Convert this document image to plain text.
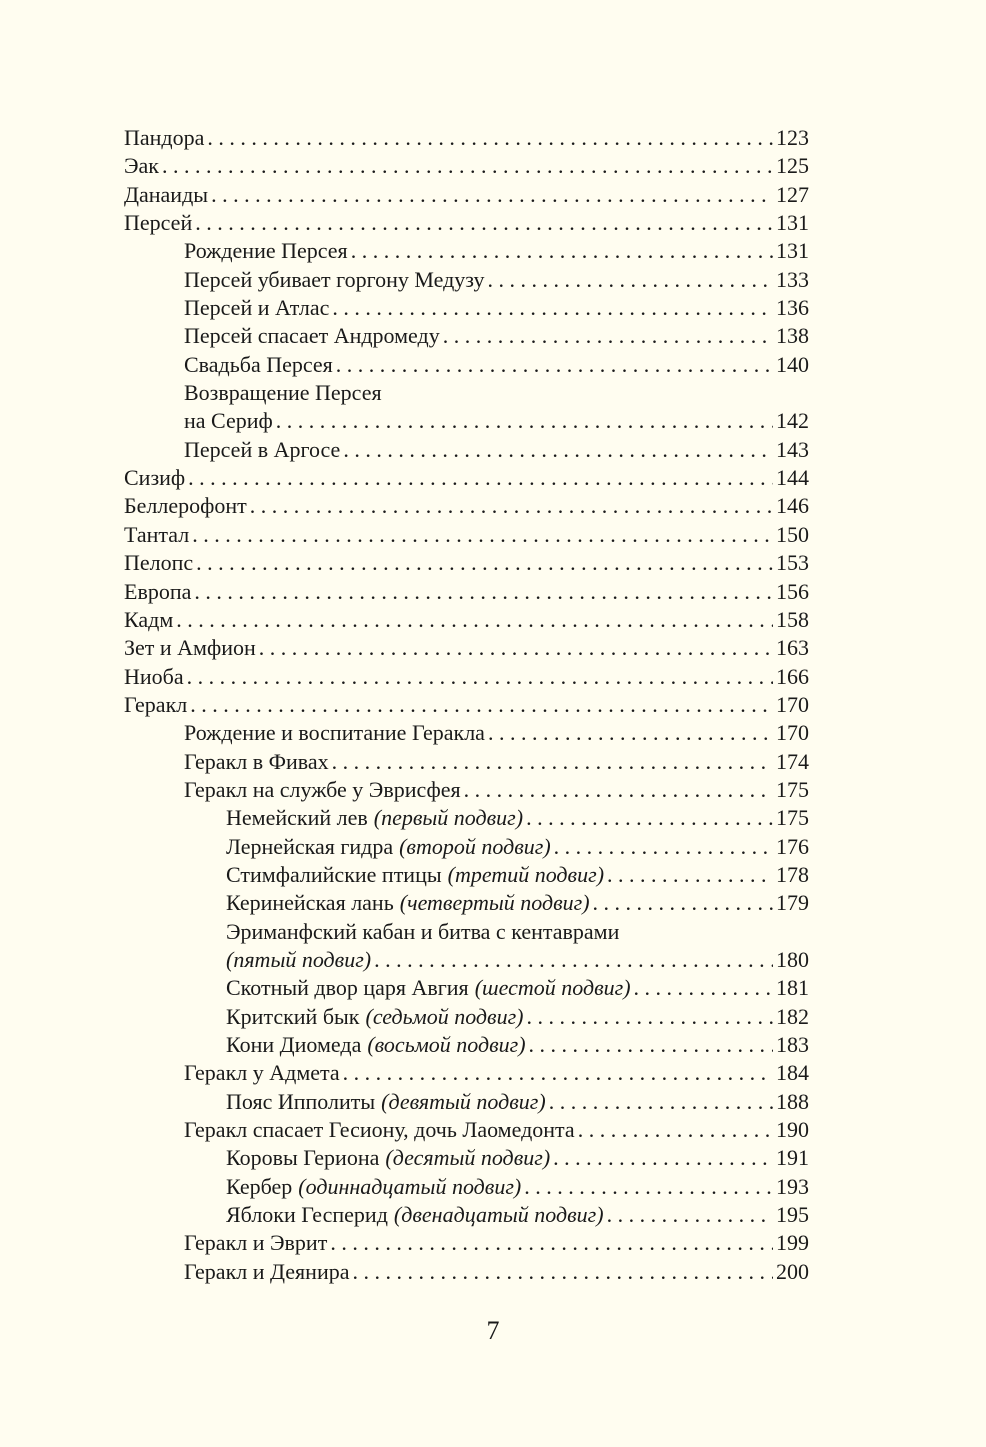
Пандора . . .	123
Эак . . .	125
Данаиды . . .	127
Персей . . .	131
Рождение Персея . . .	131
Персей убивает горгону Медузу . . .	133
Персей и Атлас . . .	136
Персей спасает Андромеду . . .	138
Свадьба Персея . . .	140
Возвращение Персея
на Сериф . . .	142
Персей в Аргосе . . .	143
Сизиф . . .	144
Беллерофонт . . .	146
Тантал . . .	150
Пелопс . . .	153
Европа . . .	156
Кадм . . .	158
Зет и Амфион . . .	163
Ниоба . . .	166
Геракл . . .	170
Рождение и воспитание Геракла . . .	170
Геракл в Фивах . . .	174
Геракл на службе у Эврисфея . . .	175
Немейский лев (первый подвиг) . . .	175
Лернейская гидра (второй подвиг) . . .	176
Стимфалийские птицы (третий подвиг) . . .	178
Керинейская лань (четвертый подвиг) . . .	179
Эриманфский кабан и битва с кентаврами
(пятый подвиг) . . .	180
Скотный двор царя Авгия (шестой подвиг) . . .	181
Критский бык (седьмой подвиг) . . .	182
Кони Диомеда (восьмой подвиг) . . .	183
Геракл у Адмета . . .	184
Пояс Ипполиты (девятый подвиг) . . .	188
Геракл спасает Гесиону, дочь Лаомедонта . . .	190
Коровы Гериона (десятый подвиг) . . .	191
Кербер (одиннадцатый подвиг) . . .	193
Яблоки Гесперид (двенадцатый подвиг) . . .	195
Геракл и Эврит . . .	199
Геракл и Деянира . . .	200
7
